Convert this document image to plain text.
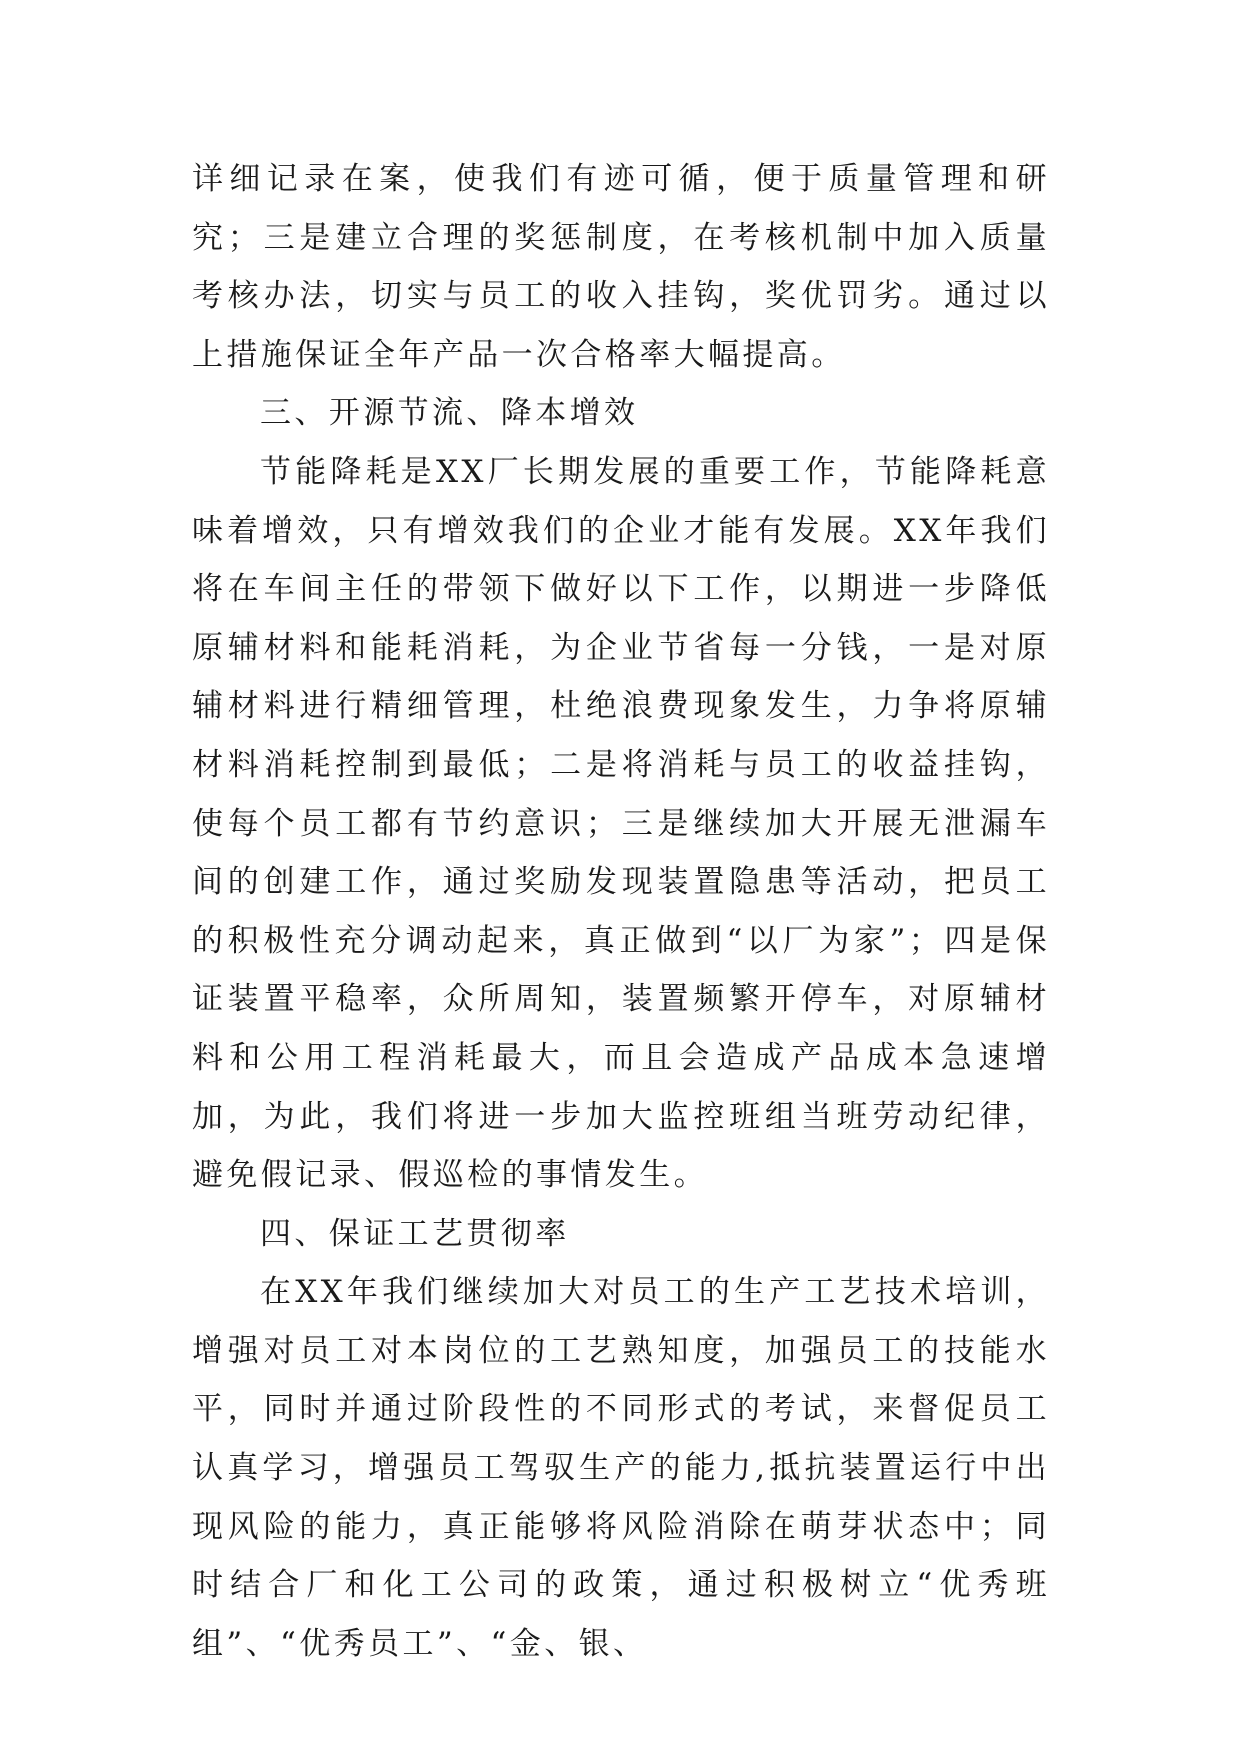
详细记录在案，使我们有迹可循，便于质量管理和研究；三是建立合理的奖惩制度，在考核机制中加入质量考核办法，切实与员工的收入挂钩，奖优罚劣。通过以上措施保证全年产品一次合格率大幅提高。

三、开源节流、降本增效

节能降耗是XX厂长期发展的重要工作，节能降耗意味着增效，只有增效我们的企业才能有发展。XX年我们将在车间主任的带领下做好以下工作，以期进一步降低原辅材料和能耗消耗，为企业节省每一分钱，一是对原辅材料进行精细管理，杜绝浪费现象发生，力争将原辅材料消耗控制到最低；二是将消耗与员工的收益挂钩，使每个员工都有节约意识；三是继续加大开展无泄漏车间的创建工作，通过奖励发现装置隐患等活动，把员工的积极性充分调动起来，真正做到“以厂为家”；四是保证装置平稳率，众所周知，装置频繁开停车，对原辅材料和公用工程消耗最大，而且会造成产品成本急速增加，为此，我们将进一步加大监控班组当班劳动纪律，避免假记录、假巡检的事情发生。

四、保证工艺贯彻率

在XX年我们继续加大对员工的生产工艺技术培训，增强对员工对本岗位的工艺熟知度，加强员工的技能水平，同时并通过阶段性的不同形式的考试，来督促员工认真学习，增强员工驾驭生产的能力,抵抗装置运行中出现风险的能力，真正能够将风险消除在萌芽状态中；同时结合厂和化工公司的政策，通过积极树立“优秀班组”、“优秀员工”、“金、银、
